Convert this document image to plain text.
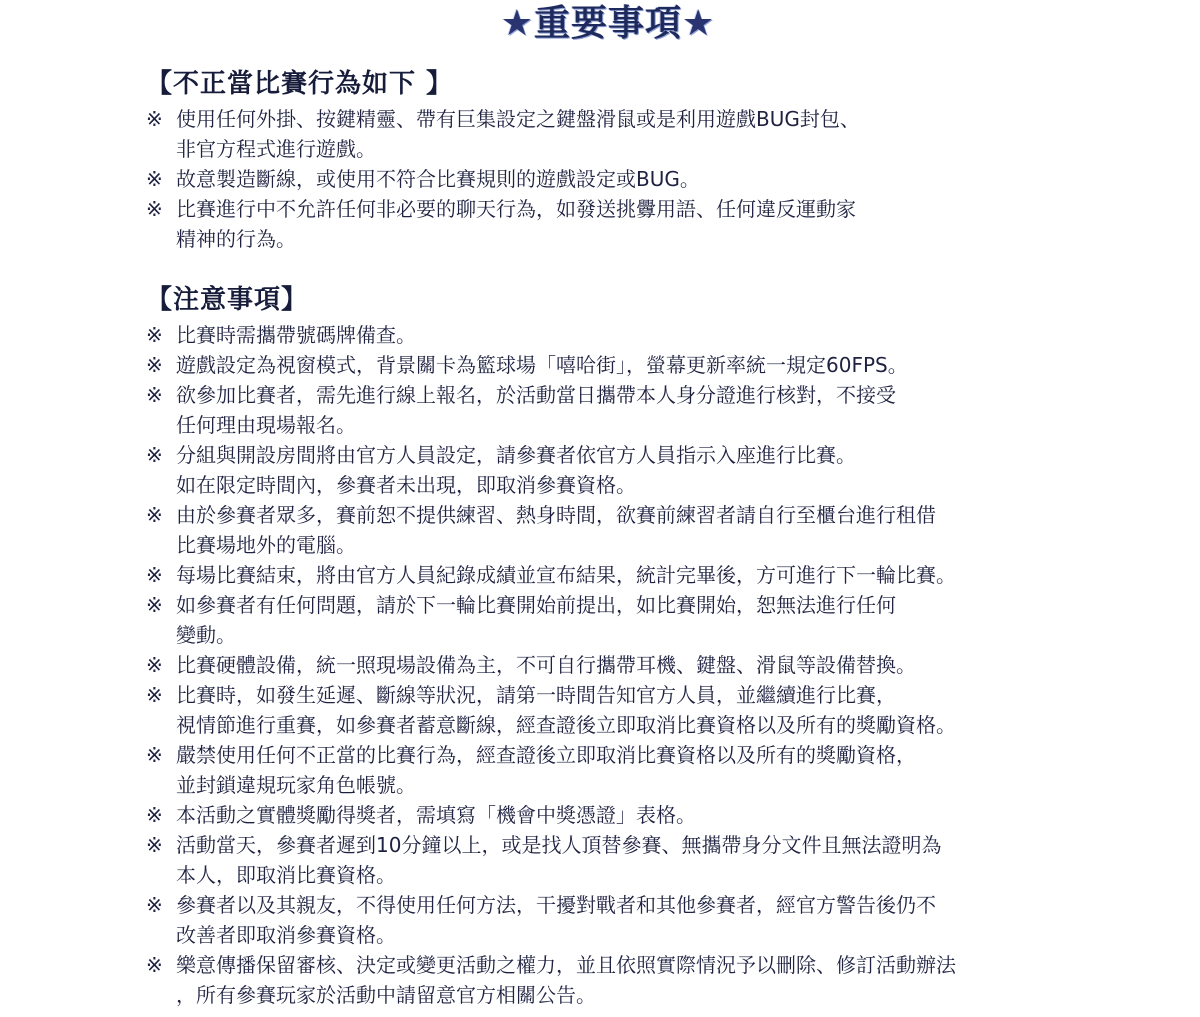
★重要事項★
【不正當比賽行為如下 】
※ 使用任何外掛、按鍵精靈、帶有巨集設定之鍵盤滑鼠或是利用遊戲BUG封包、
非官方程式進行遊戲。
※ 故意製造斷線，或使用不符合比賽規則的遊戲設定或BUG。
※ 比賽進行中不允許任何非必要的聊天行為，如發送挑釁用語、任何違反運動家
精神的行為。
【注意事項】
※ 比賽時需攜帶號碼牌備查。
※ 遊戲設定為視窗模式，背景關卡為籃球場「嘻哈街」，螢幕更新率統一規定60FPS。
※ 欲參加比賽者，需先進行線上報名，於活動當日攜帶本人身分證進行核對，不接受
任何理由現場報名。
※ 分組與開設房間將由官方人員設定，請參賽者依官方人員指示入座進行比賽。
如在限定時間內，參賽者未出現，即取消參賽資格。
※ 由於參賽者眾多，賽前恕不提供練習、熱身時間，欲賽前練習者請自行至櫃台進行租借
比賽場地外的電腦。
※ 每場比賽結束，將由官方人員紀錄成績並宣布結果，統計完畢後，方可進行下一輪比賽。
※ 如參賽者有任何問題，請於下一輪比賽開始前提出，如比賽開始，恕無法進行任何
變動。
※ 比賽硬體設備，統一照現場設備為主，不可自行攜帶耳機、鍵盤、滑鼠等設備替換。
※ 比賽時，如發生延遲、斷線等狀況，請第一時間告知官方人員，並繼續進行比賽，
視情節進行重賽，如參賽者蓄意斷線，經查證後立即取消比賽資格以及所有的獎勵資格。
※ 嚴禁使用任何不正當的比賽行為，經查證後立即取消比賽資格以及所有的獎勵資格，
並封鎖違規玩家角色帳號。
※ 本活動之實體獎勵得獎者，需填寫「機會中獎憑證」表格。
※ 活動當天，參賽者遲到10分鐘以上，或是找人頂替參賽、無攜帶身分文件且無法證明為
本人，即取消比賽資格。
※ 參賽者以及其親友，不得使用任何方法，干擾對戰者和其他參賽者，經官方警告後仍不
改善者即取消參賽資格。
※ 樂意傳播保留審核、決定或變更活動之權力，並且依照實際情況予以刪除、修訂活動辦法
，所有參賽玩家於活動中請留意官方相關公告。
